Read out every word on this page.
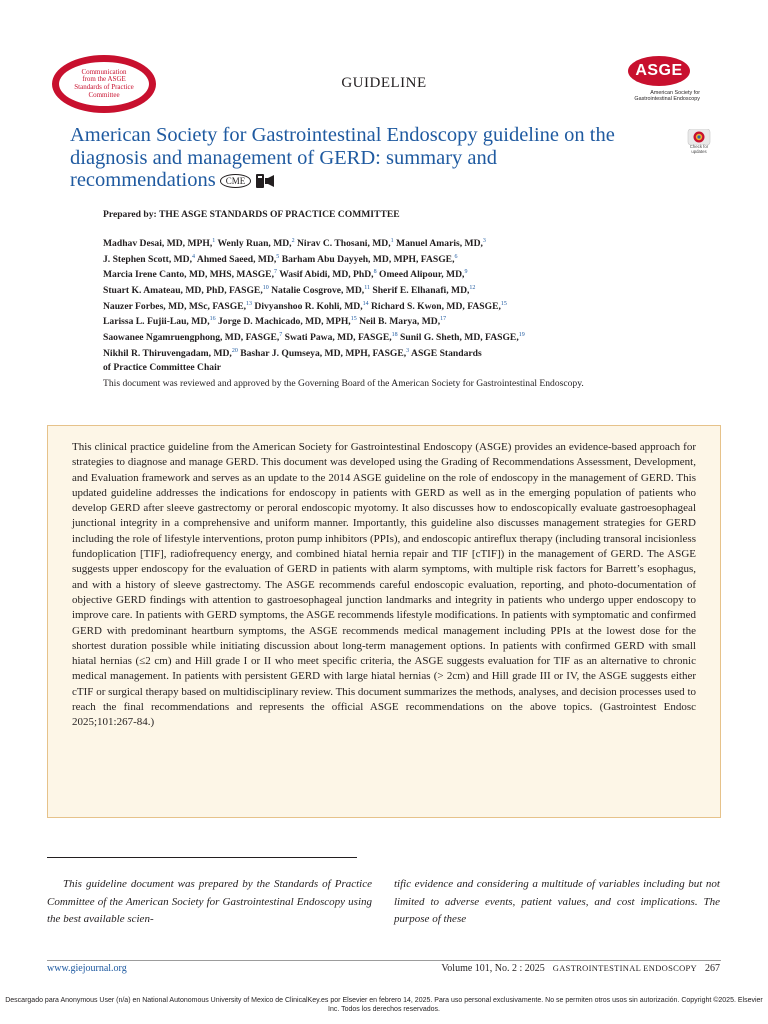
Communication
from the ASGE
Standards of Practice
Committee
GUIDELINE
ASGE
American Society for
Gastrointestinal Endoscopy
American Society for Gastrointestinal Endoscopy guideline on the diagnosis and management of GERD: summary and recommendations CME
Check for updates
Prepared by: THE ASGE STANDARDS OF PRACTICE COMMITTEE
Madhav Desai, MD, MPH,$^1$ Wenly Ruan, MD,$^2$ Nirav C. Thosani, MD,$^1$ Manuel Amaris, MD,$^3$
J. Stephen Scott, MD,$^4$ Ahmed Saeed, MD,$^5$ Barham Abu Dayyeh, MD, MPH, FASGE,$^6$
Marcia Irene Canto, MD, MHS, MASGE,$^7$ Wasif Abidi, MD, PhD,$^8$ Omeed Alipour, MD,$^9$
Stuart K. Amateau, MD, PhD, FASGE,$^{10}$ Natalie Cosgrove, MD,$^{11}$ Sherif E. Elhanafi, MD,$^{12}$
Nauzer Forbes, MD, MSc, FASGE,$^{13}$ Divyanshoo R. Kohli, MD,$^{14}$ Richard S. Kwon, MD, FASGE,$^{15}$
Larissa L. Fujii-Lau, MD,$^{16}$ Jorge D. Machicado, MD, MPH,$^{15}$ Neil B. Marya, MD,$^{17}$
Saowanee Ngamruengphong, MD, FASGE,$^7$ Swati Pawa, MD, FASGE,$^{18}$ Sunil G. Sheth, MD, FASGE,$^{19}$
Nikhil R. Thiruvengadam, MD,$^{20}$ Bashar J. Qumseya, MD, MPH, FASGE,$^3$ ASGE Standards
of Practice Committee Chair
This document was reviewed and approved by the Governing Board of the American Society for Gastrointestinal Endoscopy.
This clinical practice guideline from the American Society for Gastrointestinal Endoscopy (ASGE) provides an evidence-based approach for strategies to diagnose and manage GERD. This document was developed using the Grading of Recommendations Assessment, Development, and Evaluation framework and serves as an update to the 2014 ASGE guideline on the role of endoscopy in the management of GERD. This updated guideline addresses the indications for endoscopy in patients with GERD as well as in the emerging population of patients who develop GERD after sleeve gastrectomy or peroral endoscopic myotomy. It also discusses how to endoscopically evaluate gastroesophageal junctional integrity in a comprehensive and uniform manner. Importantly, this guideline also discusses management strategies for GERD including the role of lifestyle interventions, proton pump inhibitors (PPIs), and endoscopic antireflux therapy (including transoral incisionless fundoplication [TIF], radiofrequency energy, and combined hiatal hernia repair and TIF [cTIF]) in the management of GERD. The ASGE suggests upper endoscopy for the evaluation of GERD in patients with alarm symptoms, with multiple risk factors for Barrett’s esophagus, and with a history of sleeve gastrectomy. The ASGE recommends careful endoscopic evaluation, reporting, and photo-documentation of objective GERD findings with attention to gastroesophageal junction landmarks and integrity in patients who undergo upper endoscopy to improve care. In patients with GERD symptoms, the ASGE recommends lifestyle modifications. In patients with symptomatic and confirmed GERD with predominant heartburn symptoms, the ASGE recommends medical management including PPIs at the lowest dose for the shortest duration possible while initiating discussion about long-term management options. In patients with confirmed GERD with small hiatal hernias (≤2 cm) and Hill grade I or II who meet specific criteria, the ASGE suggests evaluation for TIF as an alternative to chronic medical management. In patients with persistent GERD with large hiatal hernias (> 2cm) and Hill grade III or IV, the ASGE suggests either cTIF or surgical therapy based on multidisciplinary review. This document summarizes the methods, analyses, and decision processes used to reach the final recommendations and represents the official ASGE recommendations on the above topics. (Gastrointest Endosc 2025;101:267-84.)
This guideline document was prepared by the Standards of Practice Committee of the American Society for Gastrointestinal Endoscopy using the best available scien-
tific evidence and considering a multitude of variables including but not limited to adverse events, patient values, and cost implications. The purpose of these
www.giejournal.org	Volume 101, No. 2 : 2025 GASTROINTESTINAL ENDOSCOPY 267
Descargado para Anonymous User (n/a) en National Autonomous University of Mexico de ClinicalKey.es por Elsevier en febrero 14, 2025. Para uso personal exclusivamente. No se permiten otros usos sin autorización. Copyright ©2025. Elsevier Inc. Todos los derechos reservados.
